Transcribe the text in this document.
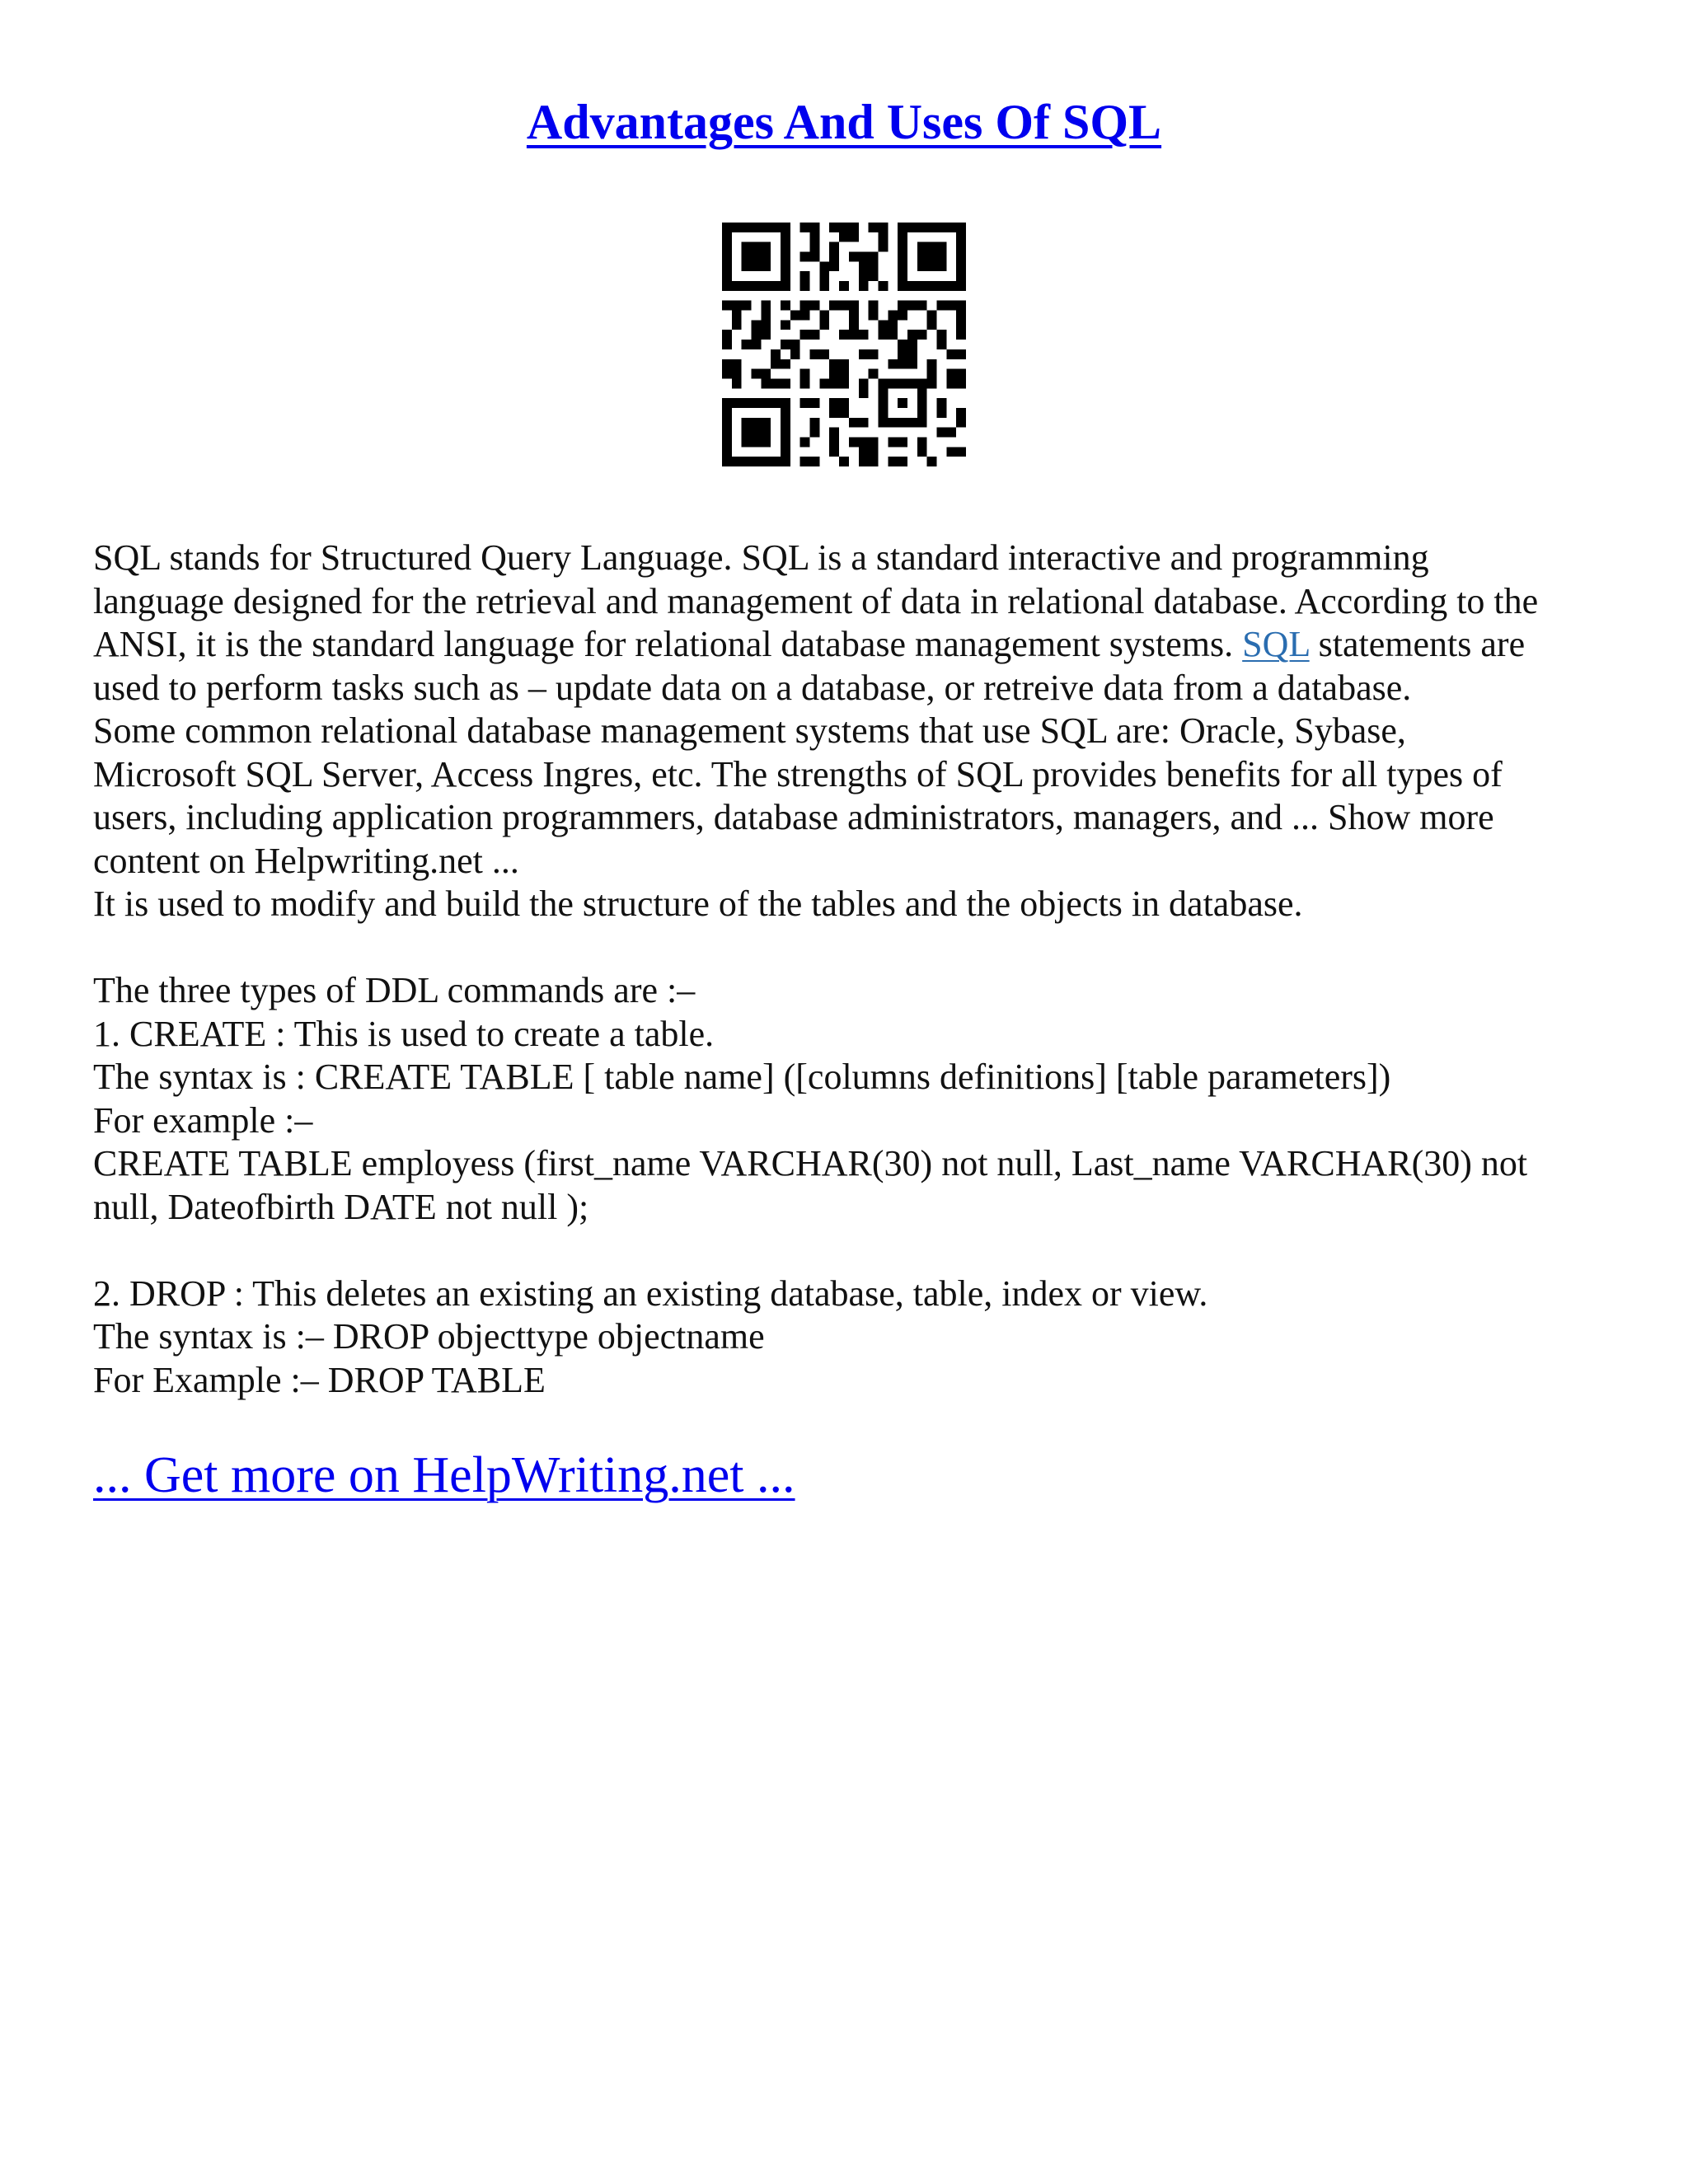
Advantages And Uses Of SQL
SQL stands for Structured Query Language. SQL is a standard interactive and programming
language designed for the retrieval and management of data in relational database. According to the
ANSI, it is the standard language for relational database management systems. SQL statements are
used to perform tasks such as – update data on a database, or retreive data from a database.
Some common relational database management systems that use SQL are: Oracle, Sybase,
Microsoft SQL Server, Access Ingres, etc. The strengths of SQL provides benefits for all types of
users, including application programmers, database administrators, managers, and ... Show more
content on Helpwriting.net ...
It is used to modify and build the structure of the tables and the objects in database.
The three types of DDL commands are :–
1. CREATE : This is used to create a table.
The syntax is : CREATE TABLE [ table name] ([columns definitions] [table parameters])
For example :–
CREATE TABLE employess (first_name VARCHAR(30) not null, Last_name VARCHAR(30) not
null, Dateofbirth DATE not null );
2. DROP : This deletes an existing an existing database, table, index or view.
The syntax is :– DROP objecttype objectname
For Example :– DROP TABLE
... Get more on HelpWriting.net ...
